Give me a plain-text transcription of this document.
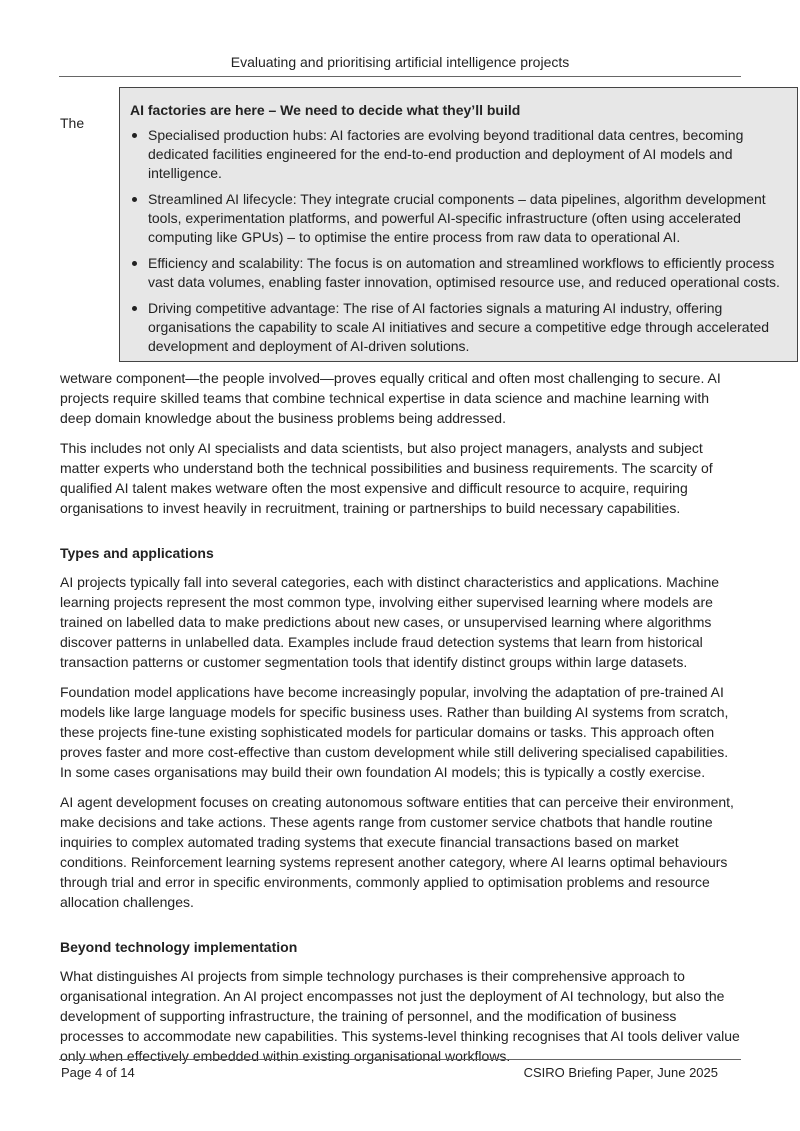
Evaluating and prioritising artificial intelligence projects
The
AI factories are here – We need to decide what they’ll build
Specialised production hubs: AI factories are evolving beyond traditional data centres, becoming dedicated facilities engineered for the end-to-end production and deployment of AI models and intelligence.
Streamlined AI lifecycle: They integrate crucial components – data pipelines, algorithm development tools, experimentation platforms, and powerful AI-specific infrastructure (often using accelerated computing like GPUs) – to optimise the entire process from raw data to operational AI.
Efficiency and scalability: The focus is on automation and streamlined workflows to efficiently process vast data volumes, enabling faster innovation, optimised resource use, and reduced operational costs.
Driving competitive advantage: The rise of AI factories signals a maturing AI industry, offering organisations the capability to scale AI initiatives and secure a competitive edge through accelerated development and deployment of AI-driven solutions.

wetware component—the people involved—proves equally critical and often most challenging to secure. AI projects require skilled teams that combine technical expertise in data science and machine learning with deep domain knowledge about the business problems being addressed.

This includes not only AI specialists and data scientists, but also project managers, analysts and subject matter experts who understand both the technical possibilities and business requirements. The scarcity of qualified AI talent makes wetware often the most expensive and difficult resource to acquire, requiring organisations to invest heavily in recruitment, training or partnerships to build necessary capabilities.

Types and applications

AI projects typically fall into several categories, each with distinct characteristics and applications. Machine learning projects represent the most common type, involving either supervised learning where models are trained on labelled data to make predictions about new cases, or unsupervised learning where algorithms discover patterns in unlabelled data. Examples include fraud detection systems that learn from historical transaction patterns or customer segmentation tools that identify distinct groups within large datasets.

Foundation model applications have become increasingly popular, involving the adaptation of pre-trained AI models like large language models for specific business uses. Rather than building AI systems from scratch, these projects fine-tune existing sophisticated models for particular domains or tasks. This approach often proves faster and more cost-effective than custom development while still delivering specialised capabilities. In some cases organisations may build their own foundation AI models; this is typically a costly exercise.

AI agent development focuses on creating autonomous software entities that can perceive their environment, make decisions and take actions. These agents range from customer service chatbots that handle routine inquiries to complex automated trading systems that execute financial transactions based on market conditions. Reinforcement learning systems represent another category, where AI learns optimal behaviours through trial and error in specific environments, commonly applied to optimisation problems and resource allocation challenges.

Beyond technology implementation

What distinguishes AI projects from simple technology purchases is their comprehensive approach to organisational integration. An AI project encompasses not just the deployment of AI technology, but also the development of supporting infrastructure, the training of personnel, and the modification of business processes to accommodate new capabilities. This systems-level thinking recognises that AI tools deliver value only when effectively embedded within existing organisational workflows.

Page 4 of 14	CSIRO Briefing Paper, June 2025
